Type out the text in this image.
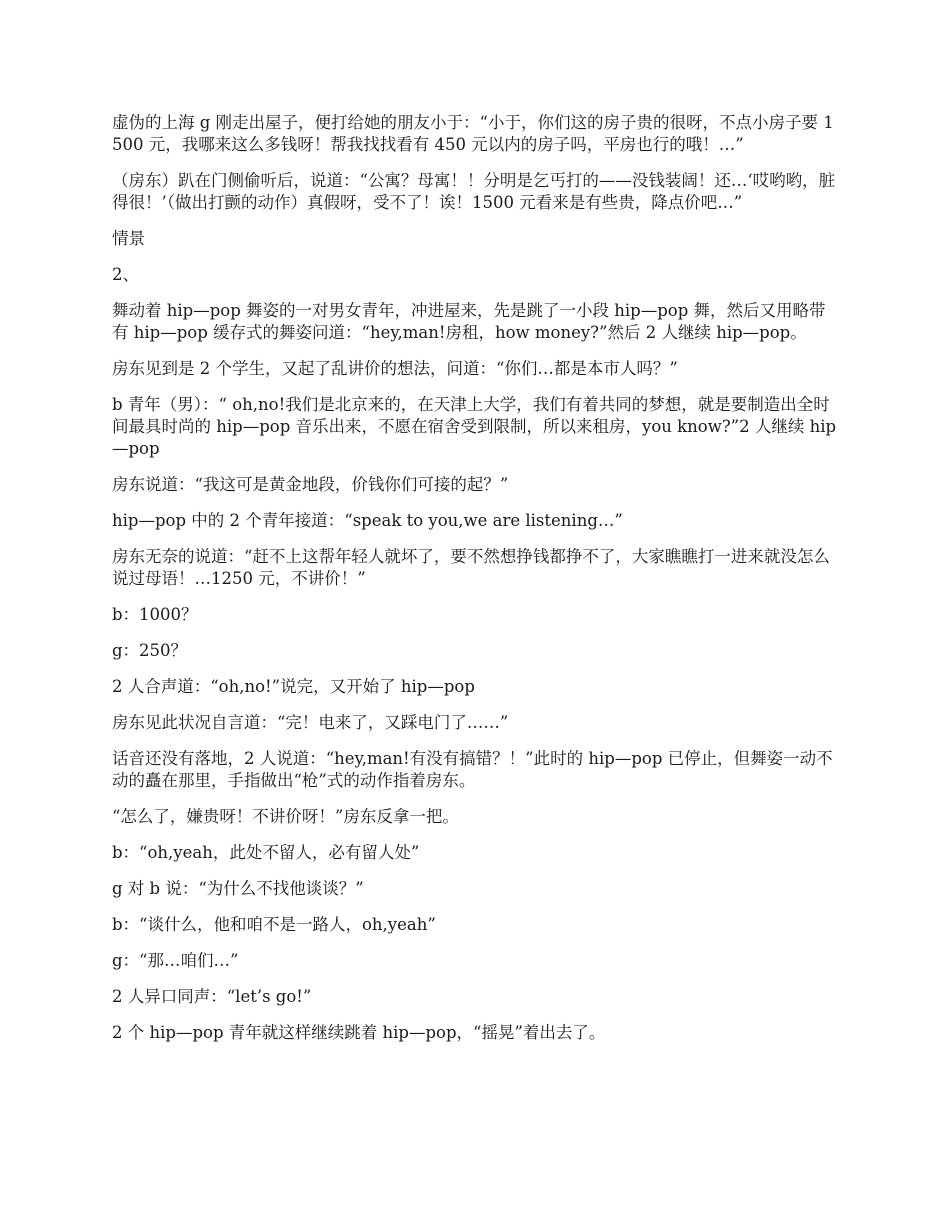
虚伪的上海 g 刚走出屋子，便打给她的朋友小于：“小于，你们这的房子贵的很呀，不点小房子要 1500 元，我哪来这么多钱呀！帮我找找看有 450 元以内的房子吗，平房也行的哦！…”

（房东）趴在门侧偷听后，说道：“公寓？母寓！！分明是乞丐打的——没钱装阔！还…‘哎哟哟，脏得很！’（做出打颤的动作）真假呀，受不了！诶！1500 元看来是有些贵，降点价吧…”

情景

2、

舞动着 hip—pop 舞姿的一对男女青年，冲进屋来，先是跳了一小段 hip—pop 舞，然后又用略带有 hip—pop 缓存式的舞姿问道：“hey,man!房租，how money?”然后 2 人继续 hip—pop。

房东见到是 2 个学生，又起了乱讲价的想法，问道：“你们…都是本市人吗？”

b 青年（男）：“ oh,no!我们是北京来的，在天津上大学，我们有着共同的梦想，就是要制造出全时间最具时尚的 hip—pop 音乐出来，不愿在宿舍受到限制，所以来租房，you know?”2 人继续 hip—pop

房东说道：“我这可是黄金地段，价钱你们可接的起？”

hip—pop 中的 2 个青年接道：“speak to you,we are listening…”

房东无奈的说道：“赶不上这帮年轻人就坏了，要不然想挣钱都挣不了，大家瞧瞧打一进来就没怎么说过母语！…1250 元，不讲价！”

b：1000？

g：250？

2 人合声道：“oh,no!”说完，又开始了 hip—pop

房东见此状况自言道：“完！电来了，又踩电门了……”

话音还没有落地，2 人说道：“hey,man!有没有搞错？！”此时的 hip—pop 已停止，但舞姿一动不动的矗在那里，手指做出“枪”式的动作指着房东。

“怎么了，嫌贵呀！不讲价呀！”房东反拿一把。

b：“oh,yeah，此处不留人，必有留人处”

g 对 b 说：“为什么不找他谈谈？”

b：“谈什么，他和咱不是一路人，oh,yeah”

g：“那…咱们…”

2 人异口同声：“let’s go!”

2 个 hip—pop 青年就这样继续跳着 hip—pop，“摇晃”着出去了。
